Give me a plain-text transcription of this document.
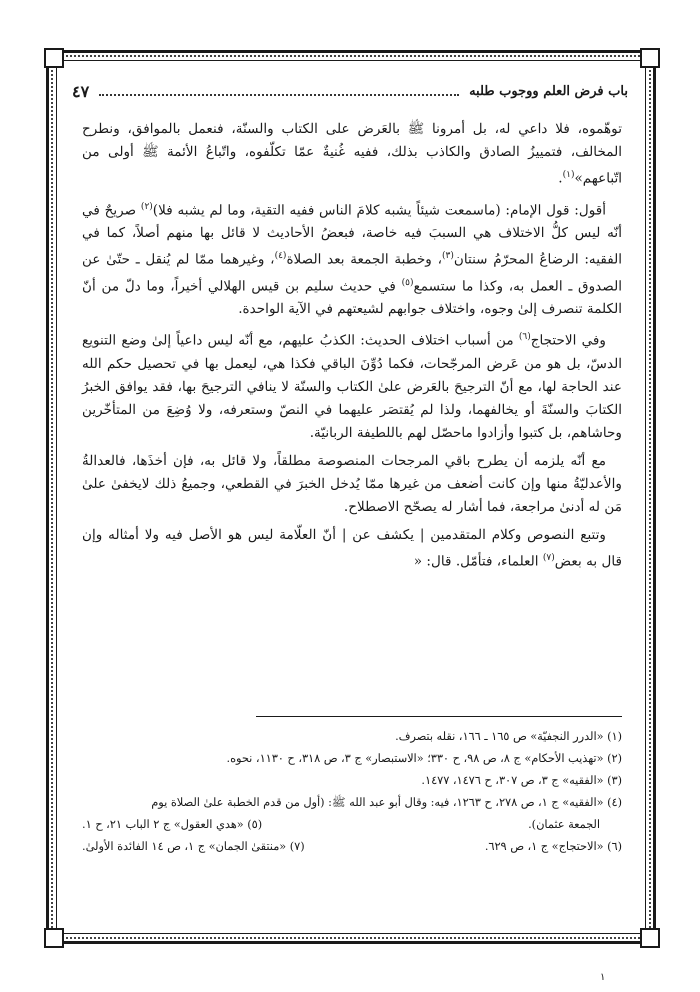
باب فرض العلم ووجوب طلبه
٤٧

توهّموه، فلا داعي له، بل أمرونا ﷺ بالعَرض على الكتاب والسنّة، فنعمل بالموافق، ونطرح المخالف، فتمييزُ الصادق والكاذب بذلك، ففيه غُنيةٌ عمّا تكلّفوه، واتّباعُ الأئمة ﷺ أولى من اتّباعهم»$^{(١)}$.

أقول: قول الإمام: (ماسمعت شيئاً يشبه كلامَ الناس ففيه التقية، وما لم يشبه فلا)$^{(٢)}$ صريحٌ في أنّه ليس كلُّ الاختلاف هي السببَ فيه خاصة، فبعضُ الأحاديث لا قائل بها منهم أصلاً، كما في الفقيه: الرضاعُ المحرّمُ سنتان$^{(٣)}$، وخطبة الجمعة بعد الصلاة$^{(٤)}$، وغيرهما ممّا لم يُنقل ـ حتّىٰ عن الصدوق ـ العمل به، وكذا ما ستسمع$^{(٥)}$ في حديث سليم بن قيس الهلالي أخيراً، وما دلّ من أنّ الكلمة تنصرف إلىٰ وجوه، واختلاف جوابهم لشيعتهم في الآية الواحدة.

وفي الاحتجاج$^{(٦)}$ من أسباب اختلاف الحديث: الكذبُ عليهم، مع أنّه ليس داعياً إلىٰ وضع التنويع الدسّ، بل هو من عَرض المرجّحات، فكما دُوِّنَ الباقي فكذا هي، ليعمل بها في تحصيل حكم الله عند الحاجة لها، مع أنّ الترجيحَ بالعَرض علىٰ الكتاب والسنّة لا ينافي الترجيحَ بها، فقد يوافق الخبرُ الكتابَ والسنّةَ أو يخالفهما، ولذا لم يُقتصَر عليهما في النصّ وستعرفه، ولا وُضِعَ من المتأخّرين وحاشاهم، بل كتبوا وأزادوا ماحصّل لهم باللطيفة الربانيّة.

مع أنّه يلزمه أن يطرح باقي المرجحات المنصوصة مطلقاً، ولا قائل به، فإن أخذَها، فالعدالةُ والأعدليّةُ منها وإن كانت أضعف من غيرها ممّا يُدخل الخبرَ في القطعي، وجميعُ ذلك لايخفىٰ علىٰ مَن له أدنىٰ مراجعة، فما أشار له يصحّح الاصطلاح.

وتتبع النصوص وكلام المتقدمين | يكشف عن | أنّ العلّامة ليس هو الأصل فيه ولا أمثاله وإن قال به بعض$^{(٧)}$ العلماء، فتأمّل. قال: «

(١) «الدرر النجفيّة» ص ١٦٥ ـ ١٦٦، نقله بتصرف.
(٢) «تهذيب الأحكام» ج ٨، ص ٩٨، ح ٣٣٠؛ «الاستبصار» ج ٣، ص ٣١٨، ح ١١٣٠، نحوه.
(٣) «الفقيه» ج ٣، ص ٣٠٧، ح ١٤٧٦، ١٤٧٧.
(٤) «الفقيه» ج ١، ص ٢٧٨، ح ١٢٦٣، فيه: وقال أبو عبد الله ﷺ: (أول من قدم الخطبة علىٰ الصلاة يوم
الجمعة عثمان).
(٥) «هدي العقول» ج ٢ الباب ٢١، ح ١.
(٦) «الاحتجاج» ج ١، ص ٦٢٩.
(٧) «منتقىٰ الجمان» ج ١، ص ١٤ الفائدة الأولىٰ.
١
